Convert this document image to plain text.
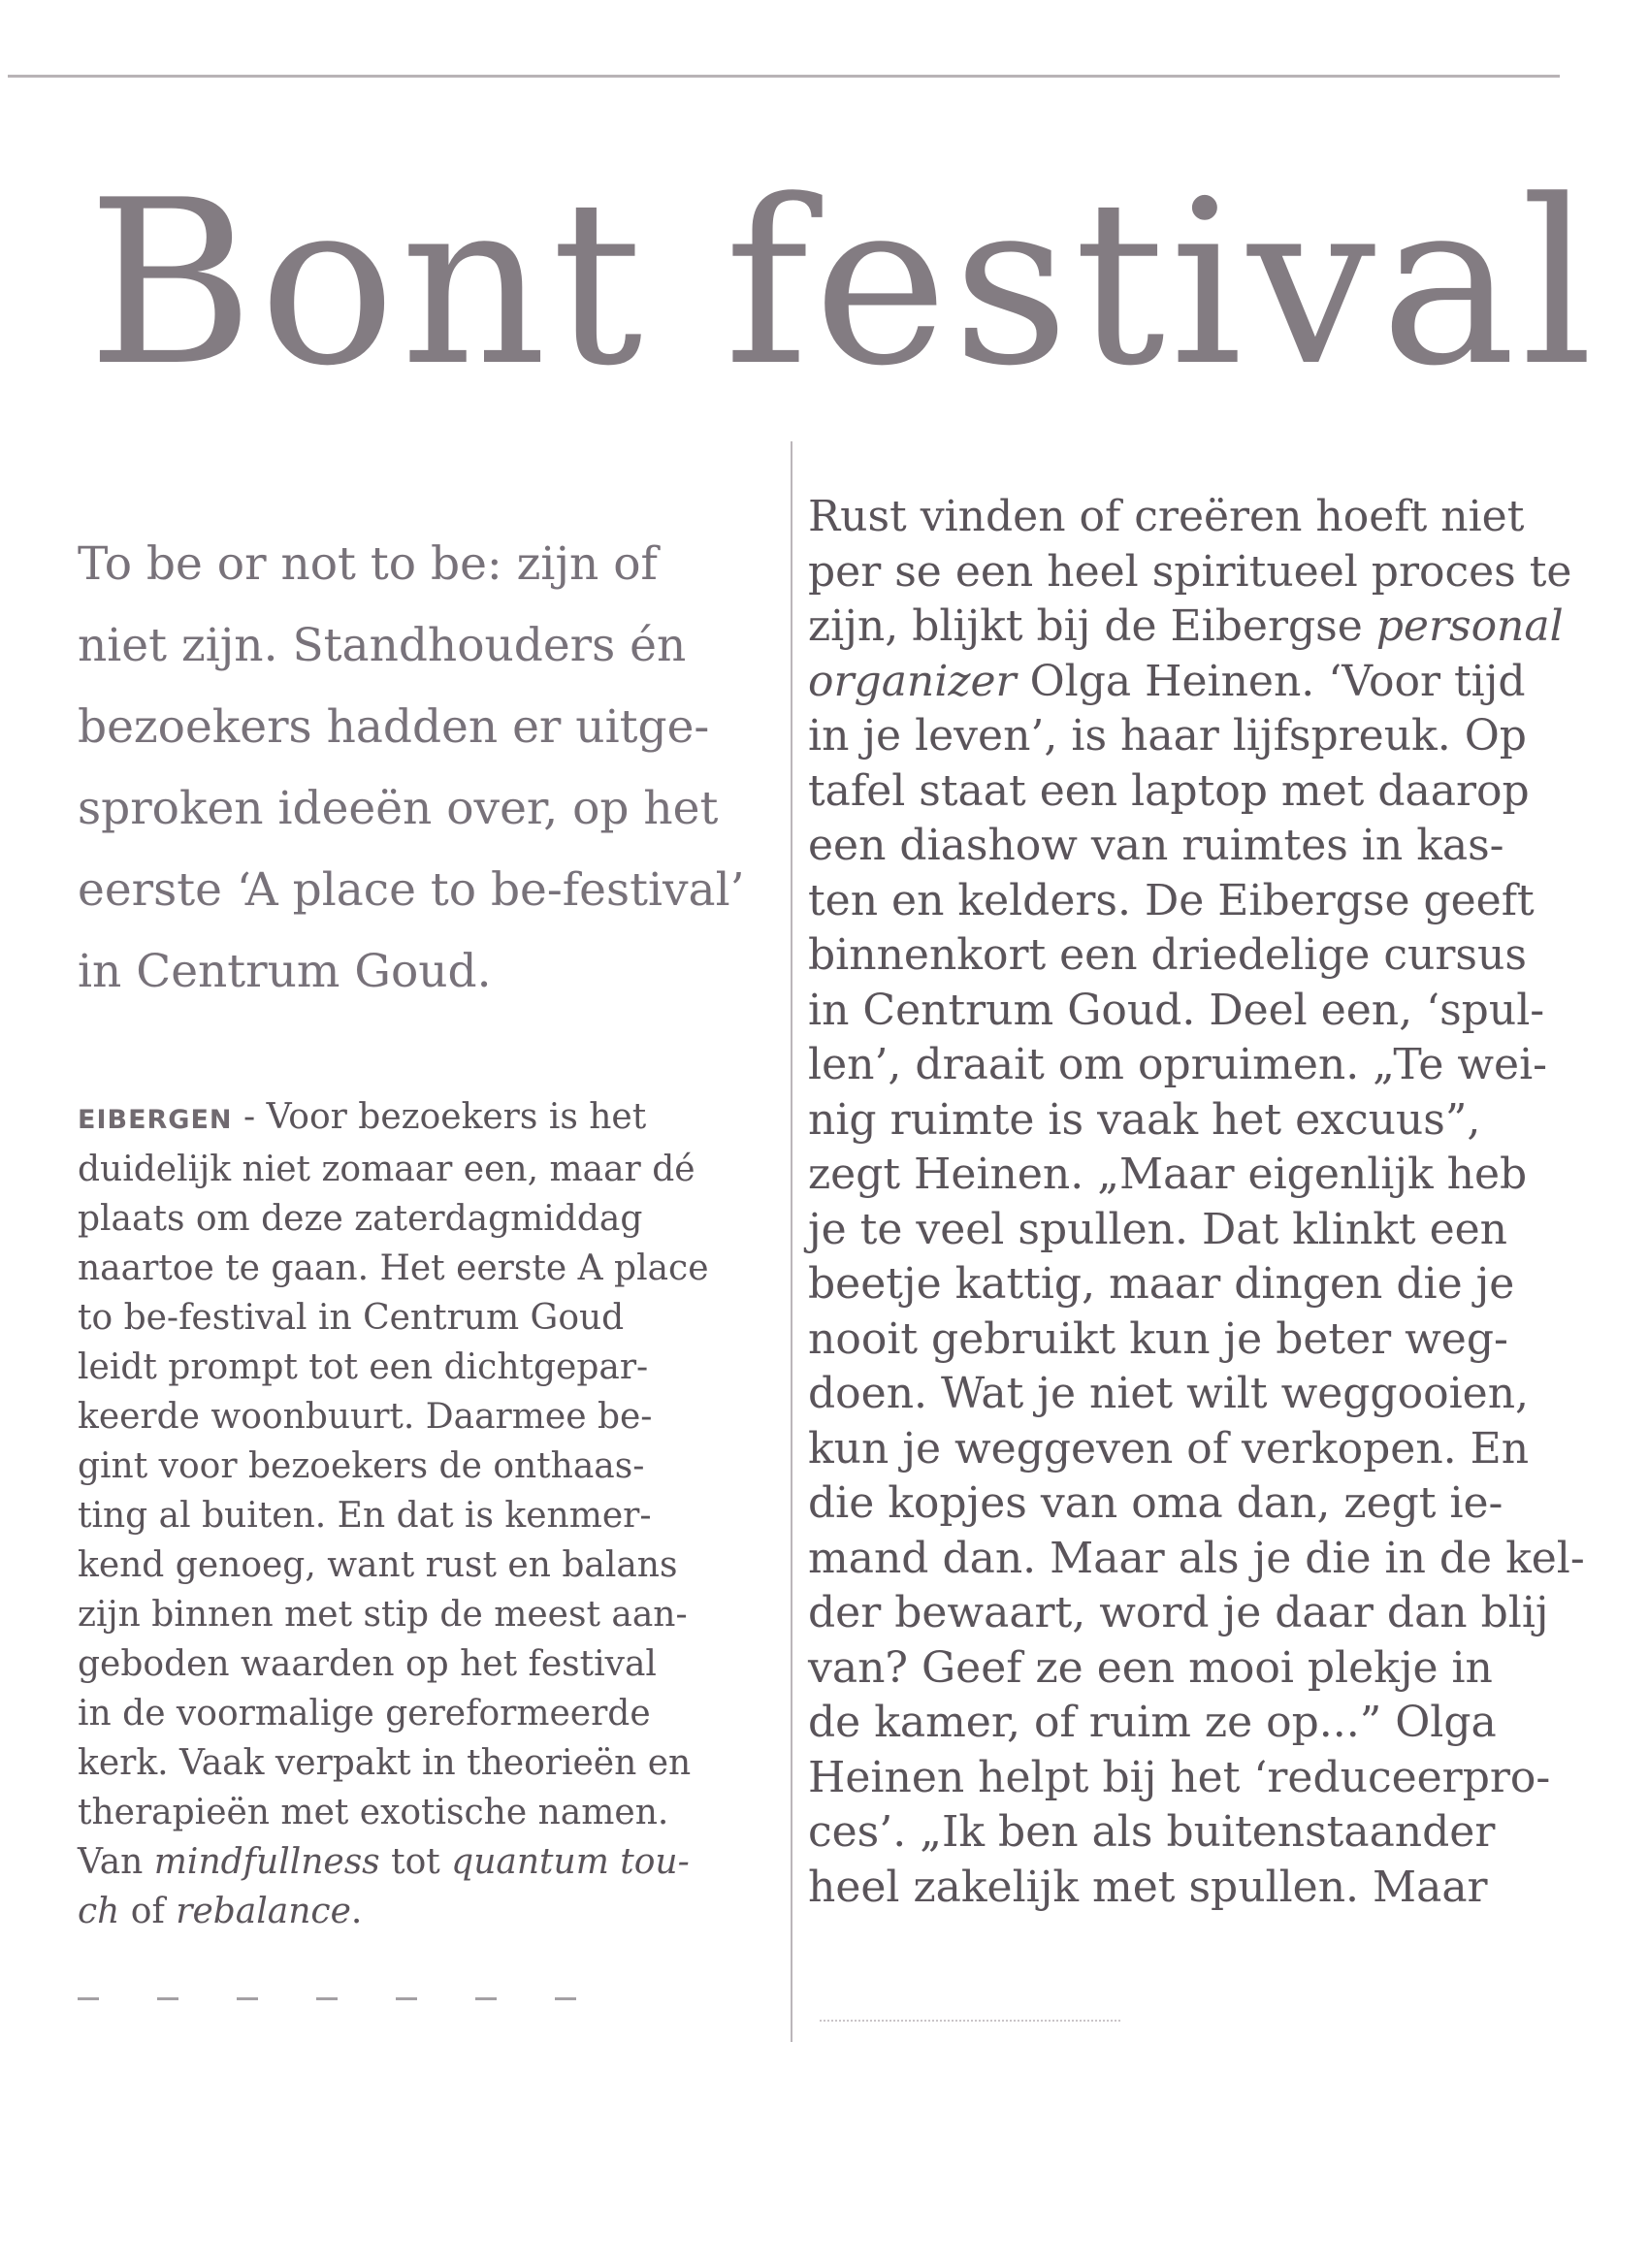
Bont festival

To be or not to be: zijn of
niet zijn. Standhouders én
bezoekers hadden er uitge-
sproken ideeën over, op het
eerste ‘A place to be-festival’
in Centrum Goud.

EIBERGEN - Voor bezoekers is het
duidelijk niet zomaar een, maar dé
plaats om deze zaterdagmiddag
naartoe te gaan. Het eerste A place
to be-festival in Centrum Goud
leidt prompt tot een dichtgepar-
keerde woonbuurt. Daarmee be-
gint voor bezoekers de onthaas-
ting al buiten. En dat is kenmer-
kend genoeg, want rust en balans
zijn binnen met stip de meest aan-
geboden waarden op het festival
in de voormalige gereformeerde
kerk. Vaak verpakt in theorieën en
therapieën met exotische namen.
Van mindfullness tot quantum tou-
ch of rebalance.

Rust vinden of creëren hoeft niet
per se een heel spiritueel proces te
zijn, blijkt bij de Eibergse personal
organizer Olga Heinen. ‘Voor tijd
in je leven’, is haar lijfspreuk. Op
tafel staat een laptop met daarop
een diashow van ruimtes in kas-
ten en kelders. De Eibergse geeft
binnenkort een driedelige cursus
in Centrum Goud. Deel een, ‘spul-
len’, draait om opruimen. „Te wei-
nig ruimte is vaak het excuus”,
zegt Heinen. „Maar eigenlijk heb
je te veel spullen. Dat klinkt een
beetje kattig, maar dingen die je
nooit gebruikt kun je beter weg-
doen. Wat je niet wilt weggooien,
kun je weggeven of verkopen. En
die kopjes van oma dan, zegt ie-
mand dan. Maar als je die in de kel-
der bewaart, word je daar dan blij
van? Geef ze een mooi plekje in
de kamer, of ruim ze op...” Olga
Heinen helpt bij het ‘reduceerpro-
ces’. „Ik ben als buitenstaander
heel zakelijk met spullen. Maar
